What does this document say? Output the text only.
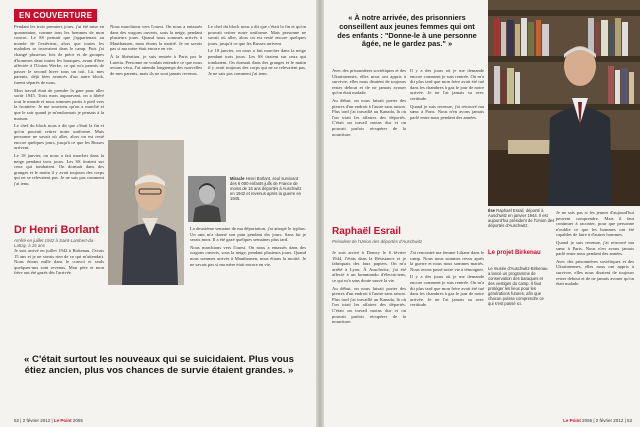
EN COUVERTURE

Pendant les trois premiers jours, j'ai été mise en quarantaine, comme tous les hommes de mon convoi. Le SS pensait que j'appartenais au monde de l'extérieur, alors que toutes les maladies se trouvaient dans le camp. Puis j'ai changé plusieurs fois de pièce et de groupes d'hommes dans toutes les baraques, avant d'être affectée à l'Union Werke, ce qui m'a permis de passer le second hiver sous un toit. Là, mes parents, déjà bien avancés d'un autre block, furent séparés de nous.

Mon travail était de prendre la gare pour aller sortir 1945. Trois mois auparavant, on a libéré tout le monde et nous sommes partis à pied vers la frontière. Je me souviens qu'on a marché et que le soir quand je m'endormais je pensais à la maison.

Le chef du block nous a dit que c'était la fin et qu'on pouvait retirer notre uniforme. Mais personne ne savait où aller, alors on est resté encore quelques jours, jusqu'à ce que les Russes arrivent.

Le 18 janvier, on nous a fait marcher dans la neige pendant trois jours. Les SS tiraient sur ceux qui tombaient. On dormait dans des granges et le matin il y avait toujours des corps qui ne se relevaient pas. Je ne sais pas comment j'ai tenu.

Miracle Henri Borlant, seul survivant des 6 000 enfants juifs de France de moins de 16 ans déportés à Auschwitz en 1942 et revenus après la guerre en 1945.

Nous marchions vers l'ouest. On nous a entassés dans des wagons ouverts, sous la neige, pendant plusieurs jours. Quand nous sommes arrivés à Mauthausen, nous étions la moitié. Je ne savais pas si ma mère était encore en vie.

À la libération, je suis rentrée à Paris par le Lutetia. Personne ne voulait entendre ce que nous avions vécu. J'ai attendu longtemps des nouvelles de mes parents, mais ils ne sont jamais revenus.

Le chef du block nous a dit que c'était la fin et qu'on pouvait retirer notre uniforme. Mais personne ne savait où aller, alors on est resté encore quelques jours, jusqu'à ce que les Russes arrivent.

Le 18 janvier, on nous a fait marcher dans la neige pendant trois jours. Les SS tiraient sur ceux qui tombaient. On dormait dans des granges et le matin il y avait toujours des corps qui ne se relevaient pas. Je ne sais pas comment j'ai tenu.

Dr Henri Borlant
Arrêté en juillet 1942 à Saint-Lambert-du-Lattay, à 15 ans

Je suis arrivé en juillet 1942 à Birkenau. J'avais 15 ans et je ne savais rien de ce qui m'attendait. Nous étions mille dans le convoi et seuls quelques-uns sont revenus. Mon père et mon frère ont été gazés dès l'arrivée.

La deuxième semaine de ma déportation, j'ai attrapé le typhus. Un ami m'a donné son pain pendant dix jours. Sans lui je serais mort. Il a été gazé quelques semaines plus tard.

Nous marchions vers l'ouest. On nous a entassés dans des wagons ouverts, sous la neige, pendant plusieurs jours. Quand nous sommes arrivés à Mauthausen, nous étions la moitié. Je ne savais pas si ma mère était encore en vie.

« C'était surtout les nouveaux qui se suicidaient. Plus vous étiez ancien, plus vos chances de survie étaient grandes. »
52 | 2 février 2012 | Le Point 2055
« À notre arrivée, des prisonniers conseillent aux jeunes femmes qui ont des enfants : "Donne-le à une personne âgée, ne le gardez pas." »

Avec des prisonnières soviétiques et des Ukrainiennes, elles nous ont appris à survivre, elles nous disaient de toujours rester debout et de ne jamais avouer qu'on était malade.

Au début, on nous faisait porter des pierres d'un endroit à l'autre sans raison. Plus tard j'ai travaillé au Kanada, là où l'on triait les affaires des déportés. C'était un travail moins dur et on pouvait parfois récupérer de la nourriture.

Il y a des jours où je me demande encore comment je suis rentrée. On m'a dit plus tard que mon frère avait été tué dans les chambres à gaz le jour de notre arrivée. Je ne l'ai jamais su avec certitude.

Quand je suis revenue, j'ai retrouvé ma sœur à Paris. Nous n'en avons jamais parlé entre nous pendant des années.

Ilse Raphaël Esrail, déporté à Auschwitz en janvier 1944. Il est aujourd'hui président de l'Union des déportés d'Auschwitz.
Raphaël Esrail
Président de l'Union des déportés d'Auschwitz

Je suis arrivé à Drancy le 6 février 1944. J'étais dans la Résistance et je fabriquais des faux papiers. On m'a arrêté à Lyon. À Auschwitz, j'ai été affecté à un kommando d'électriciens, ce qui m'a sans doute sauvé la vie.

Au début, on nous faisait porter des pierres d'un endroit à l'autre sans raison. Plus tard j'ai travaillé au Kanada, là où l'on triait les affaires des déportés. C'était un travail moins dur et on pouvait parfois récupérer de la nourriture.

J'ai rencontré ma femme Liliane dans le camp. Nous nous sommes revus après la guerre et nous nous sommes mariés. Nous avons passé notre vie à témoigner.

Il y a des jours où je me demande encore comment je suis rentrée. On m'a dit plus tard que mon frère avait été tué dans les chambres à gaz le jour de notre arrivée. Je ne l'ai jamais su avec certitude.

Le projet Birkenau
Le musée d'Auschwitz-Birkenau a lancé un programme de conservation des baraques et des vestiges du camp. Il faut protéger les lieux pour les générations futures, afin que chacun puisse comprendre ce qui s'est passé ici.

Je ne sais pas si les jeunes d'aujourd'hui peuvent comprendre. Mais il faut continuer à raconter, pour que personne n'oublie ce que les hommes ont été capables de faire à d'autres hommes.

Quand je suis revenue, j'ai retrouvé ma sœur à Paris. Nous n'en avons jamais parlé entre nous pendant des années.

Avec des prisonnières soviétiques et des Ukrainiennes, elles nous ont appris à survivre, elles nous disaient de toujours rester debout et de ne jamais avouer qu'on était malade.

Le Point 2055 | 2 février 2012 | 53
